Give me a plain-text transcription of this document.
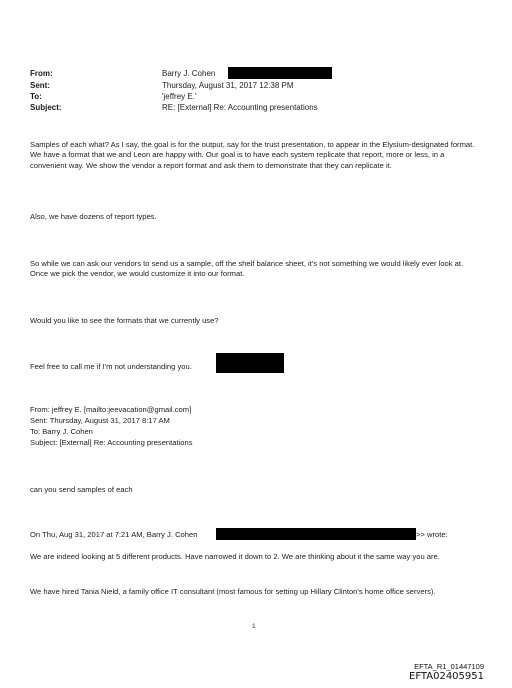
From:	Barry J. Cohen
Sent:	Thursday, August 31, 2017 12:38 PM
To:	'jeffrey E.'
Subject:	RE: [External] Re: Accounting presentations
Samples of each what? As I say, the goal is for the output, say for the trust presentation, to appear in the Elysium-designated format. We have a format that we and Leon are happy with. Our goal is to have each system replicate that report, more or less, in a convenient way. We show the vendor a report format and ask them to demonstrate that they can replicate it.
Also, we have dozens of report types.
So while we can ask our vendors to send us a sample, off the shelf balance sheet, it's not something we would likely ever look at. Once we pick the vendor, we would customize it into our format.
Would you like to see the formats that we currently use?
Feel free to call me if I'm not understanding you.
From: jeffrey E. [mailto:jeevacation@gmail.com]
Sent: Thursday, August 31, 2017 8:17 AM
To: Barry J. Cohen
Subject: [External] Re: Accounting presentations
can you send samples of each
On Thu, Aug 31, 2017 at 7:21 AM, Barry J. Cohen	>> wrote:
We are indeed looking at 5 different products. Have narrowed it down to 2. We are thinking about it the same way you are.
We have hired Tania Nield, a family office IT consultant (most famous for setting up Hillary Clinton's home office servers).
1
EFTA_R1_01447109
EFTA02405951
